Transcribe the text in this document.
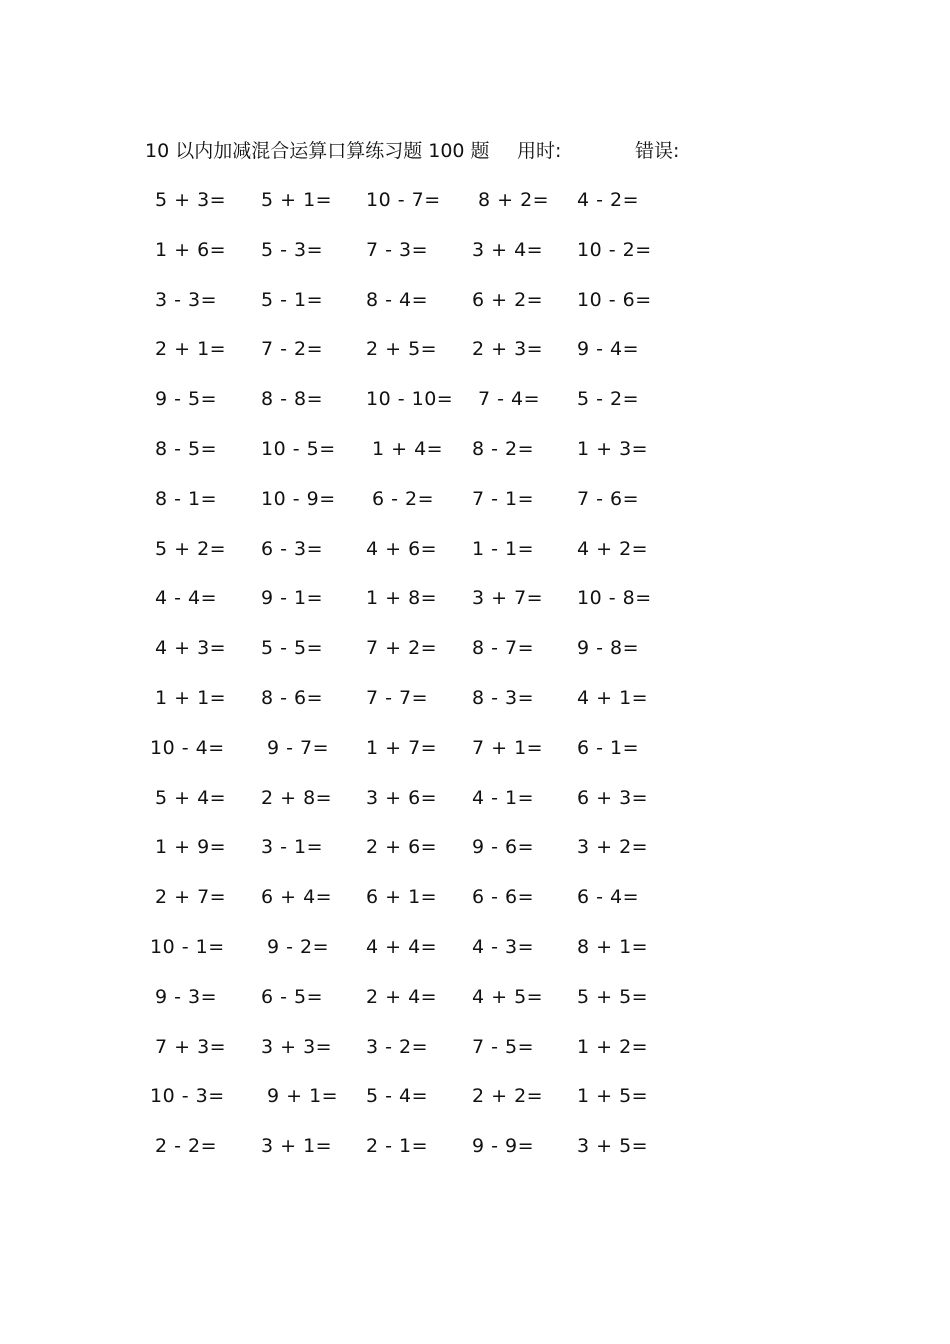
10 以内加减混合运算口算练习题 100 题 用时:	错误:
5 + 3= 5 + 1= 10 - 7= 8 + 2= 4 - 2=
1 + 6= 5 - 3= 7 - 3= 3 + 4= 10 - 2=
3 - 3= 5 - 1= 8 - 4= 6 + 2= 10 - 6=
2 + 1= 7 - 2= 2 + 5= 2 + 3= 9 - 4=
9 - 5= 8 - 8= 10 - 10= 7 - 4= 5 - 2=
8 - 5= 10 - 5= 1 + 4= 8 - 2= 1 + 3=
8 - 1= 10 - 9= 6 - 2= 7 - 1= 7 - 6=
5 + 2= 6 - 3= 4 + 6= 1 - 1= 4 + 2=
4 - 4= 9 - 1= 1 + 8= 3 + 7= 10 - 8=
4 + 3= 5 - 5= 7 + 2= 8 - 7= 9 - 8=
1 + 1= 8 - 6= 7 - 7= 8 - 3= 4 + 1=
10 - 4= 9 - 7= 1 + 7= 7 + 1= 6 - 1=
5 + 4= 2 + 8= 3 + 6= 4 - 1= 6 + 3=
1 + 9= 3 - 1= 2 + 6= 9 - 6= 3 + 2=
2 + 7= 6 + 4= 6 + 1= 6 - 6= 6 - 4=
10 - 1= 9 - 2= 4 + 4= 4 - 3= 8 + 1=
9 - 3= 6 - 5= 2 + 4= 4 + 5= 5 + 5=
7 + 3= 3 + 3= 3 - 2= 7 - 5= 1 + 2=
10 - 3= 9 + 1= 5 - 4= 2 + 2= 1 + 5=
2 - 2= 3 + 1= 2 - 1= 9 - 9= 3 + 5=
